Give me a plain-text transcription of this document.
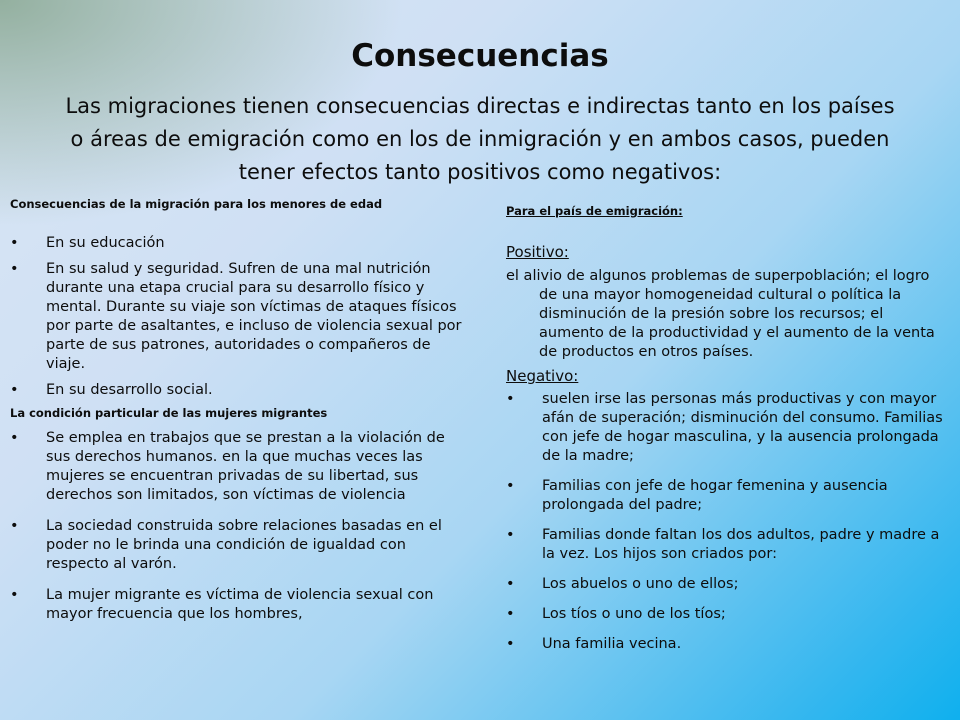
Consecuencias
Las migraciones tienen consecuencias directas e indirectas tanto en los países o áreas de emigración como en los de inmigración y en ambos casos, pueden tener efectos tanto positivos como negativos:
Consecuencias de la migración para los menores de edad
• En su educación
• En su salud y seguridad. Sufren de una mal nutrición durante una etapa crucial para su desarrollo físico y mental. Durante su viaje son víctimas de ataques físicos por parte de asaltantes, e incluso de violencia sexual por parte de sus patrones, autoridades o compañeros de viaje.
• En su desarrollo social.
La condición particular de las mujeres migrantes
• Se emplea en trabajos que se prestan a la violación de sus derechos humanos. en la que muchas veces las mujeres se encuentran privadas de su libertad, sus derechos son limitados, son víctimas de violencia
• La sociedad construida sobre relaciones basadas en el poder no le brinda una condición de igualdad con respecto al varón.
• La mujer migrante es víctima de violencia sexual con mayor frecuencia que los hombres,
Para el país de emigración:
Positivo:
el alivio de algunos problemas de superpoblación; el logro de una mayor homogeneidad cultural o política la disminución de la presión sobre los recursos; el aumento de la productividad y el aumento de la venta de productos en otros países.
Negativo:
• suelen irse las personas más productivas y con mayor afán de superación; disminución del consumo. Familias con jefe de hogar masculina, y la ausencia prolongada de la madre;
• Familias con jefe de hogar femenina y ausencia prolongada del padre;
• Familias donde faltan los dos adultos, padre y madre a la vez. Los hijos son criados por:
• Los abuelos o uno de ellos;
• Los tíos o uno de los tíos;
• Una familia vecina.
